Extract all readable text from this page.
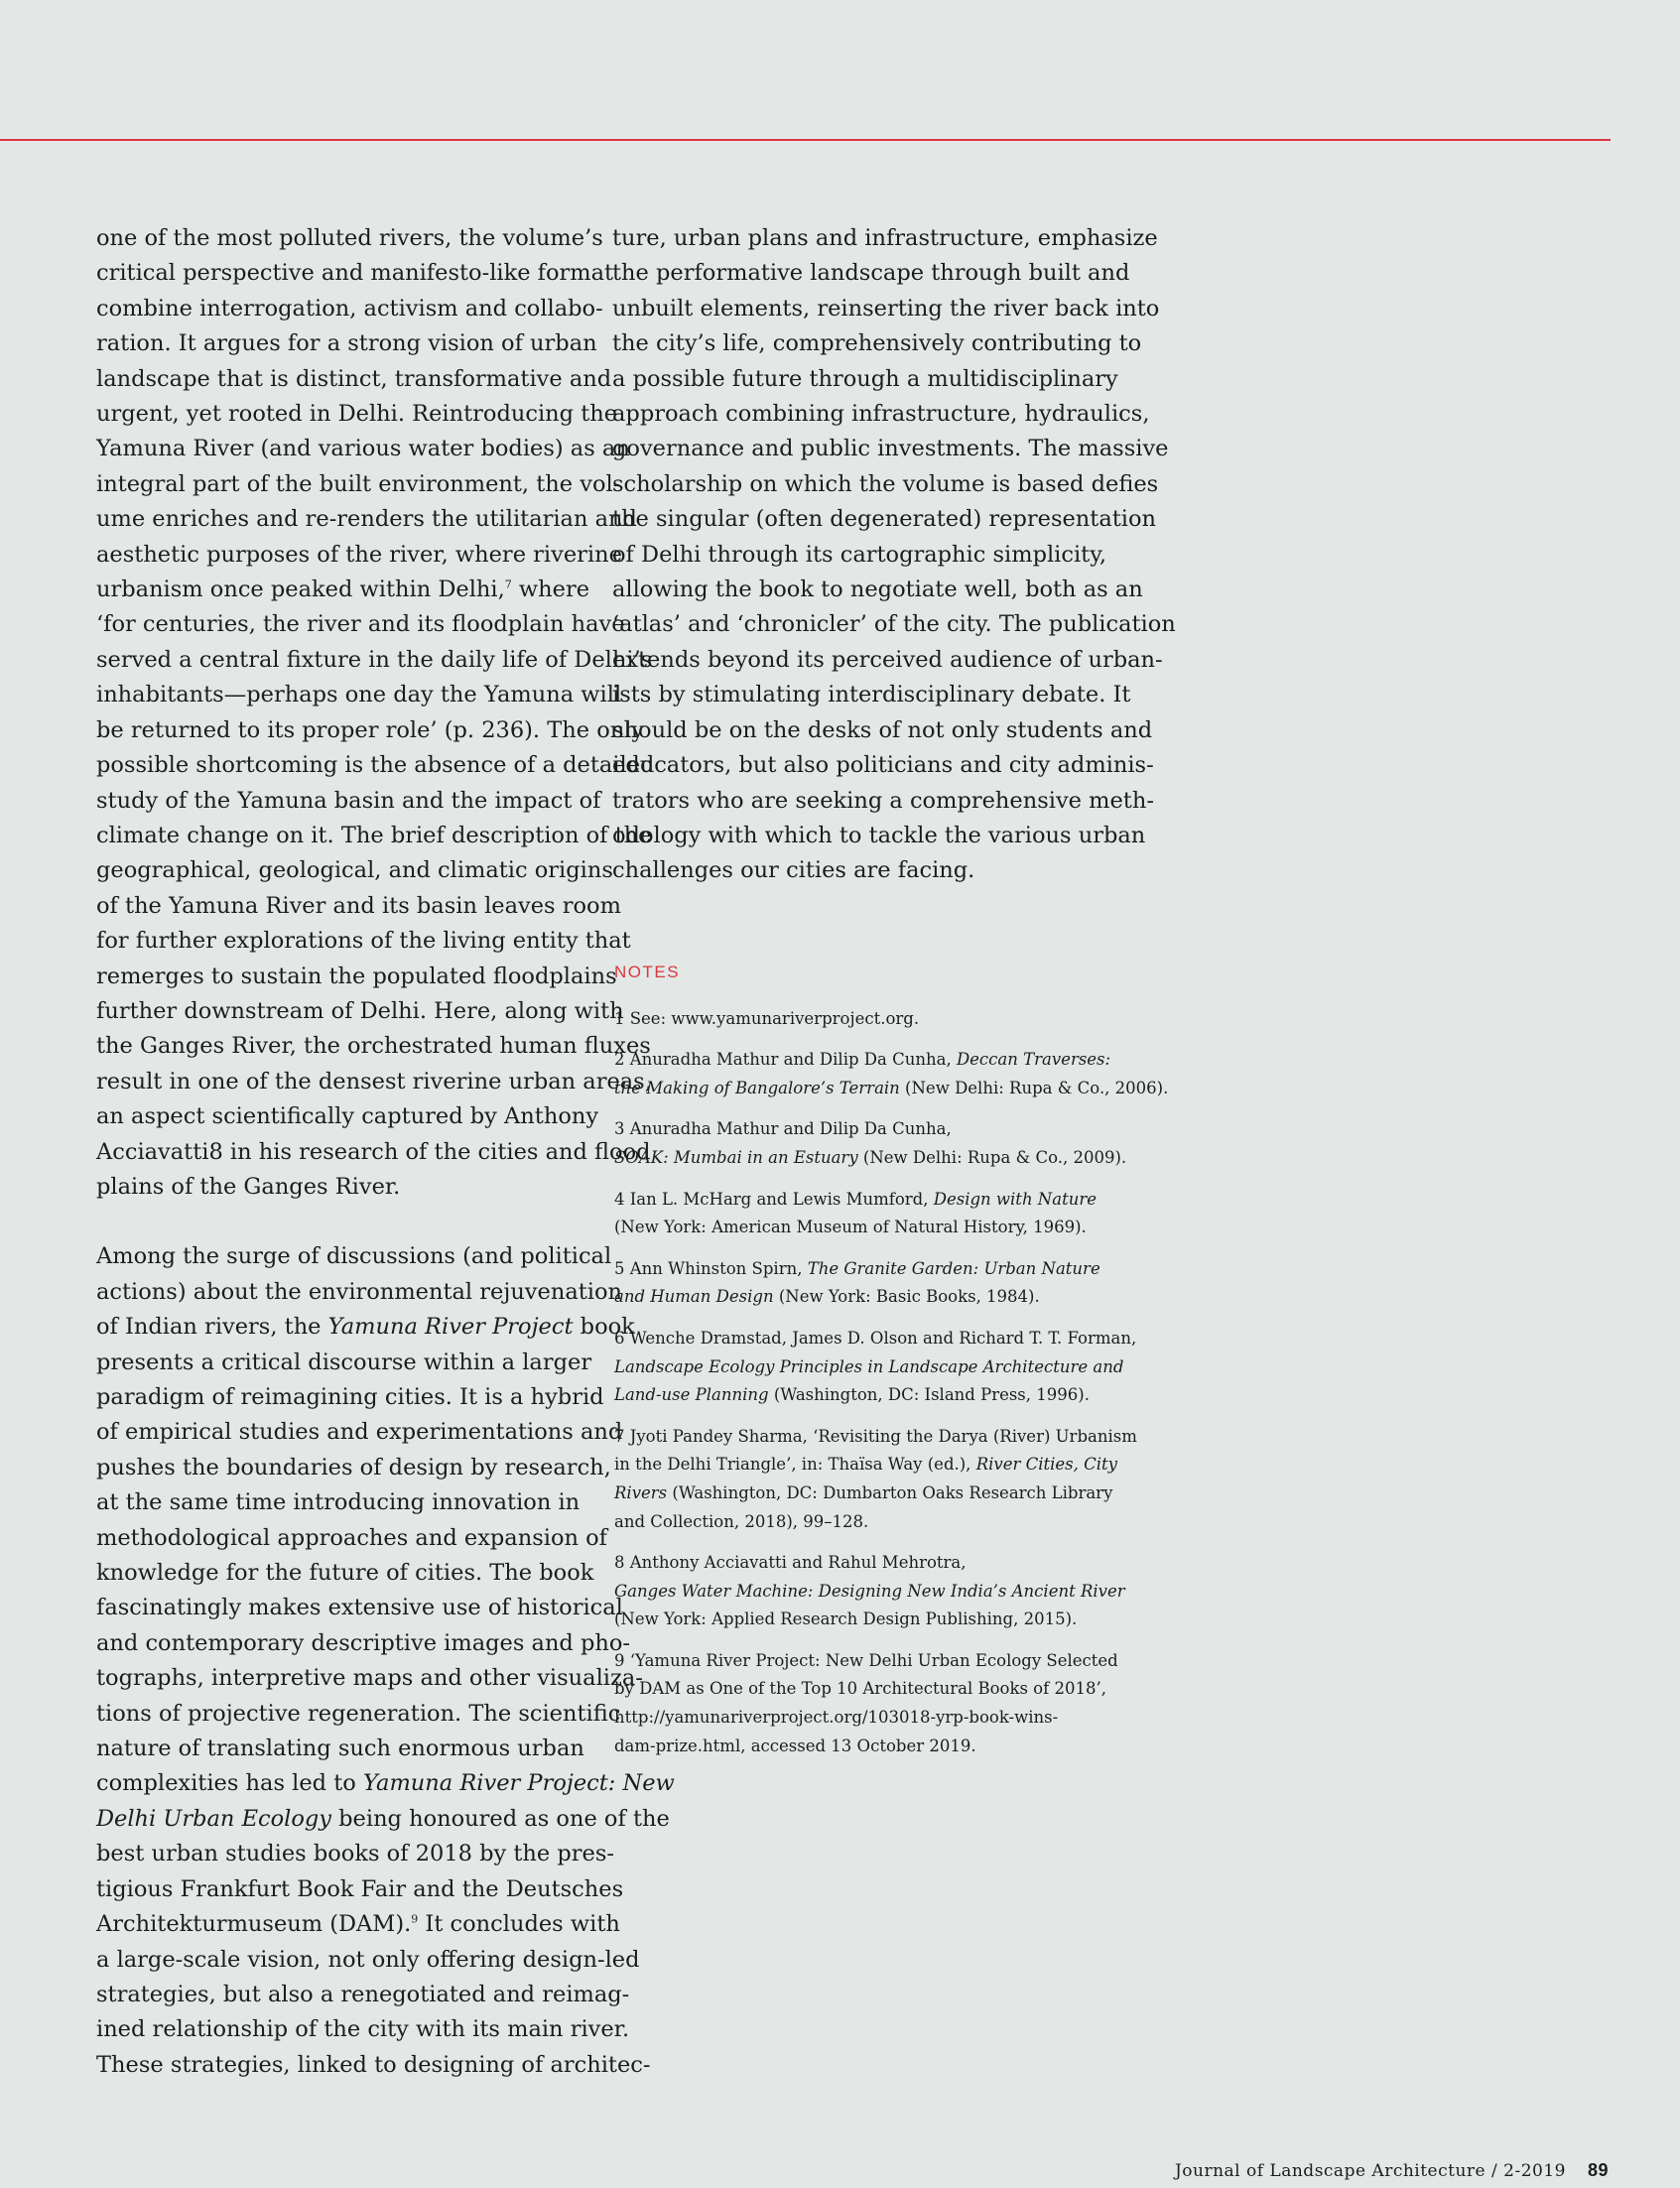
one of the most polluted rivers, the volume’s
critical perspective and manifesto-like format
combine interrogation, activism and collabo-
ration. It argues for a strong vision of urban
landscape that is distinct, transformative and
urgent, yet rooted in Delhi. Reintroducing the
Yamuna River (and various water bodies) as an
integral part of the built environment, the vol-
ume enriches and re-renders the utilitarian and
aesthetic purposes of the river, where riverine
urbanism once peaked within Delhi,$^7$ where
‘for centuries, the river and its floodplain have
served a central fixture in the daily life of Delhi’s
inhabitants—perhaps one day the Yamuna will
be returned to its proper role’ (p. 236). The only
possible shortcoming is the absence of a detailed
study of the Yamuna basin and the impact of
climate change on it. The brief description of the
geographical, geological, and climatic origins
of the Yamuna River and its basin leaves room
for further explorations of the living entity that
remerges to sustain the populated floodplains
further downstream of Delhi. Here, along with
the Ganges River, the orchestrated human fluxes
result in one of the densest riverine urban areas,
an aspect scientifically captured by Anthony
Acciavatti8 in his research of the cities and flood
plains of the Ganges River.

Among the surge of discussions (and political
actions) about the environmental rejuvenation
of Indian rivers, the Yamuna River Project book
presents a critical discourse within a larger
paradigm of reimagining cities. It is a hybrid
of empirical studies and experimentations and
pushes the boundaries of design by research,
at the same time introducing innovation in
methodological approaches and expansion of
knowledge for the future of cities. The book
fascinatingly makes extensive use of historical
and contemporary descriptive images and pho-
tographs, interpretive maps and other visualiza-
tions of projective regeneration. The scientific
nature of translating such enormous urban
complexities has led to Yamuna River Project: New
Delhi Urban Ecology being honoured as one of the
best urban studies books of 2018 by the pres-
tigious Frankfurt Book Fair and the Deutsches
Architekturmuseum (DAM).$^9$ It concludes with
a large-scale vision, not only offering design-led
strategies, but also a renegotiated and reimag-
ined relationship of the city with its main river.
These strategies, linked to designing of architec-

ture, urban plans and infrastructure, emphasize
the performative landscape through built and
unbuilt elements, reinserting the river back into
the city’s life, comprehensively contributing to
a possible future through a multidisciplinary
approach combining infrastructure, hydraulics,
governance and public investments. The massive
scholarship on which the volume is based defies
the singular (often degenerated) representation
of Delhi through its cartographic simplicity,
allowing the book to negotiate well, both as an
‘atlas’ and ‘chronicler’ of the city. The publication
extends beyond its perceived audience of urban-
ists by stimulating interdisciplinary debate. It
should be on the desks of not only students and
educators, but also politicians and city adminis-
trators who are seeking a comprehensive meth-
odology with which to tackle the various urban
challenges our cities are facing.

NOTES
1 See: www.yamunariverproject.org.
2 Anuradha Mathur and Dilip Da Cunha, Deccan Traverses:
the Making of Bangalore’s Terrain (New Delhi: Rupa & Co., 2006).
3 Anuradha Mathur and Dilip Da Cunha,
SOAK: Mumbai in an Estuary (New Delhi: Rupa & Co., 2009).
4 Ian L. McHarg and Lewis Mumford, Design with Nature
(New York: American Museum of Natural History, 1969).
5 Ann Whinston Spirn, The Granite Garden: Urban Nature
and Human Design (New York: Basic Books, 1984).
6 Wenche Dramstad, James D. Olson and Richard T. T. Forman,
Landscape Ecology Principles in Landscape Architecture and
Land-use Planning (Washington, DC: Island Press, 1996).
7 Jyoti Pandey Sharma, ‘Revisiting the Darya (River) Urbanism
in the Delhi Triangle’, in: Thaïsa Way (ed.), River Cities, City
Rivers (Washington, DC: Dumbarton Oaks Research Library
and Collection, 2018), 99–128.
8 Anthony Acciavatti and Rahul Mehrotra,
Ganges Water Machine: Designing New India’s Ancient River
(New York: Applied Research Design Publishing, 2015).
9 ‘Yamuna River Project: New Delhi Urban Ecology Selected
by DAM as One of the Top 10 Architectural Books of 2018’,
http://yamunariverproject.org/103018-yrp-book-wins-
dam-prize.html, accessed 13 October 2019.
Journal of Landscape Architecture / 2-2019 89
